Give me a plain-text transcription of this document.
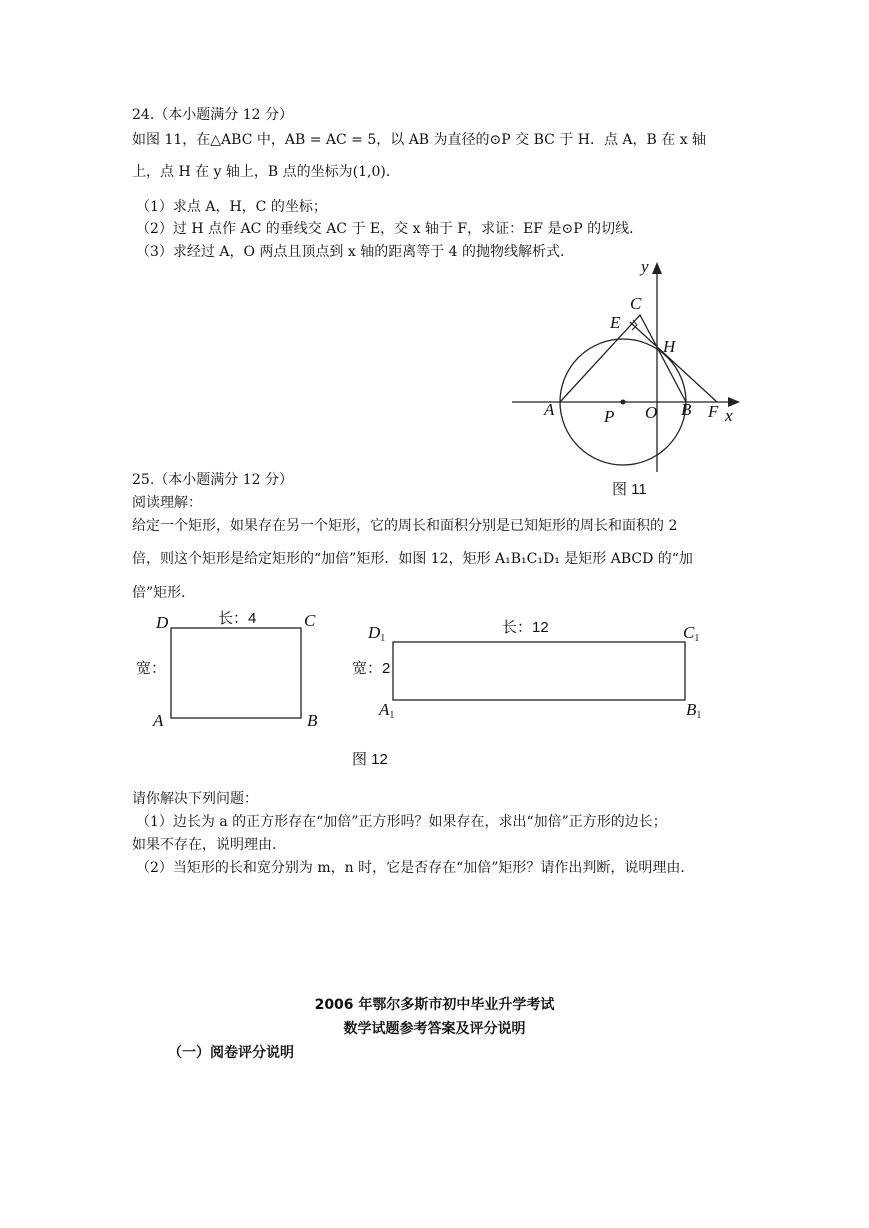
24.（本小题满分 12 分）
如图 11，在△ABC 中，AB = AC = 5，以 AB 为直径的⊙P 交 BC 于 H．点 A，B 在 x 轴
上，点 H 在 y 轴上，B 点的坐标为(1,0)．
（1）求点 A，H，C 的坐标；
（2）过 H 点作 AC 的垂线交 AC 于 E，交 x 轴于 F，求证：EF 是⊙P 的切线．
（3）求经过 A，O 两点且顶点到 x 轴的距离等于 4 的抛物线解析式．
y
C
E
H
A	P O B F x
图 11
25.（本小题满分 12 分）
阅读理解：
给定一个矩形，如果存在另一个矩形，它的周长和面积分别是已知矩形的周长和面积的 2
倍，则这个矩形是给定矩形的“加倍”矩形．如图 12，矩形 A₁B₁C₁D₁ 是矩形 ABCD 的“加
倍”矩形．
D	长：4	C
宽：
A	B
$D_1$
长：12	$C_1$
宽：2
$A_1$	$B_1$
图 12
请你解决下列问题：
（1）边长为 a 的正方形存在“加倍”正方形吗？如果存在，求出“加倍”正方形的边长；
如果不存在，说明理由．
（2）当矩形的长和宽分别为 m，n 时，它是否存在“加倍”矩形？请作出判断，说明理由．
2006 年鄂尔多斯市初中毕业升学考试
数学试题参考答案及评分说明
（一）阅卷评分说明
